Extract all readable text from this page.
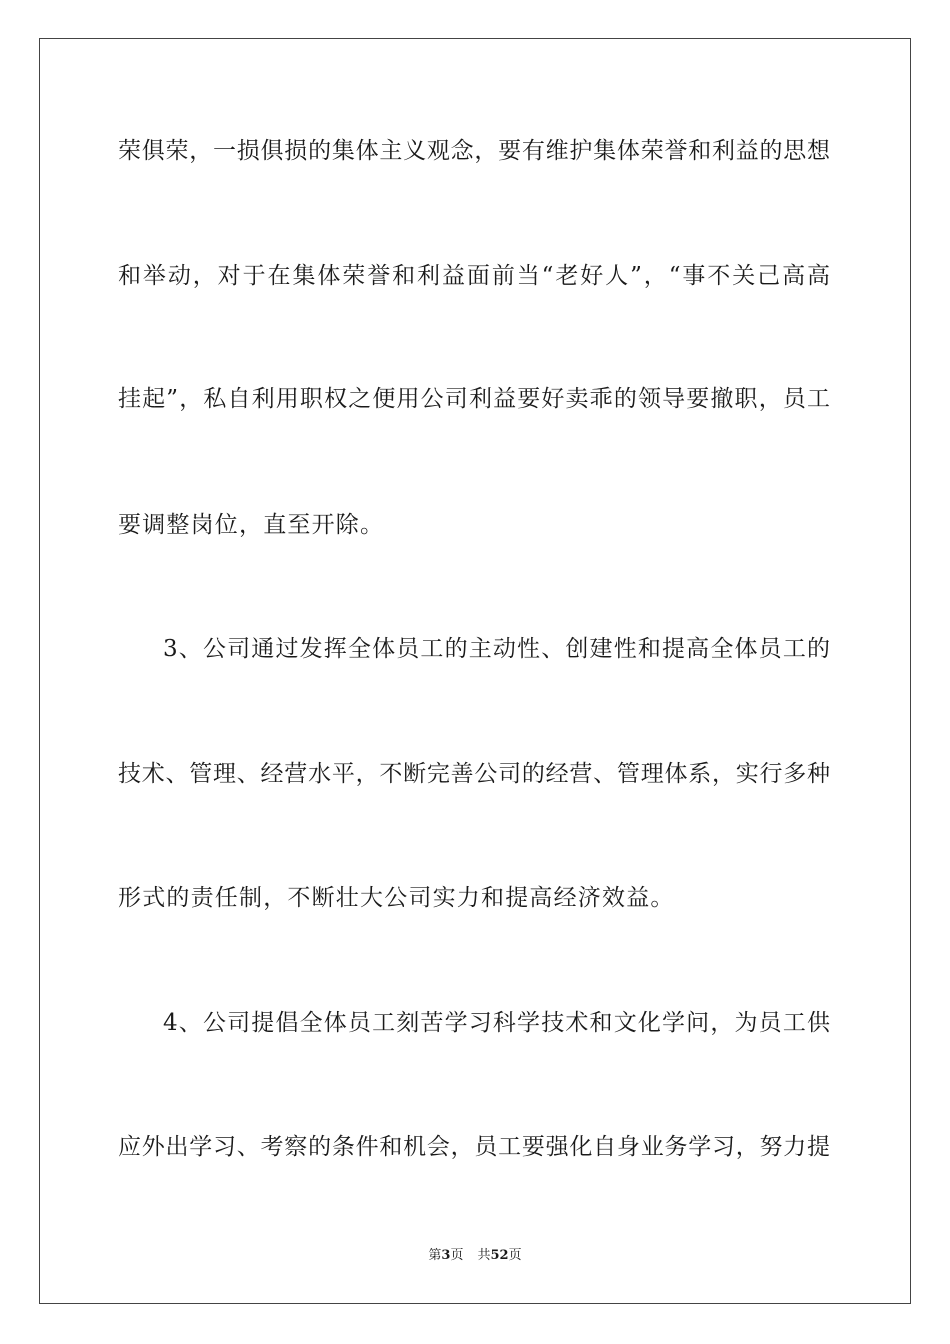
荣俱荣，一损俱损的集体主义观念，要有维护集体荣誉和利益的思想
和举动，对于在集体荣誉和利益面前当“老好人”，“事不关己高高
挂起”，私自利用职权之便用公司利益要好卖乖的领导要撤职，员工
要调整岗位，直至开除。
3、公司通过发挥全体员工的主动性、创建性和提高全体员工的
技术、管理、经营水平，不断完善公司的经营、管理体系，实行多种
形式的责任制，不断壮大公司实力和提高经济效益。
4、公司提倡全体员工刻苦学习科学技术和文化学问，为员工供
应外出学习、考察的条件和机会，员工要强化自身业务学习，努力提
第3页 共52页
